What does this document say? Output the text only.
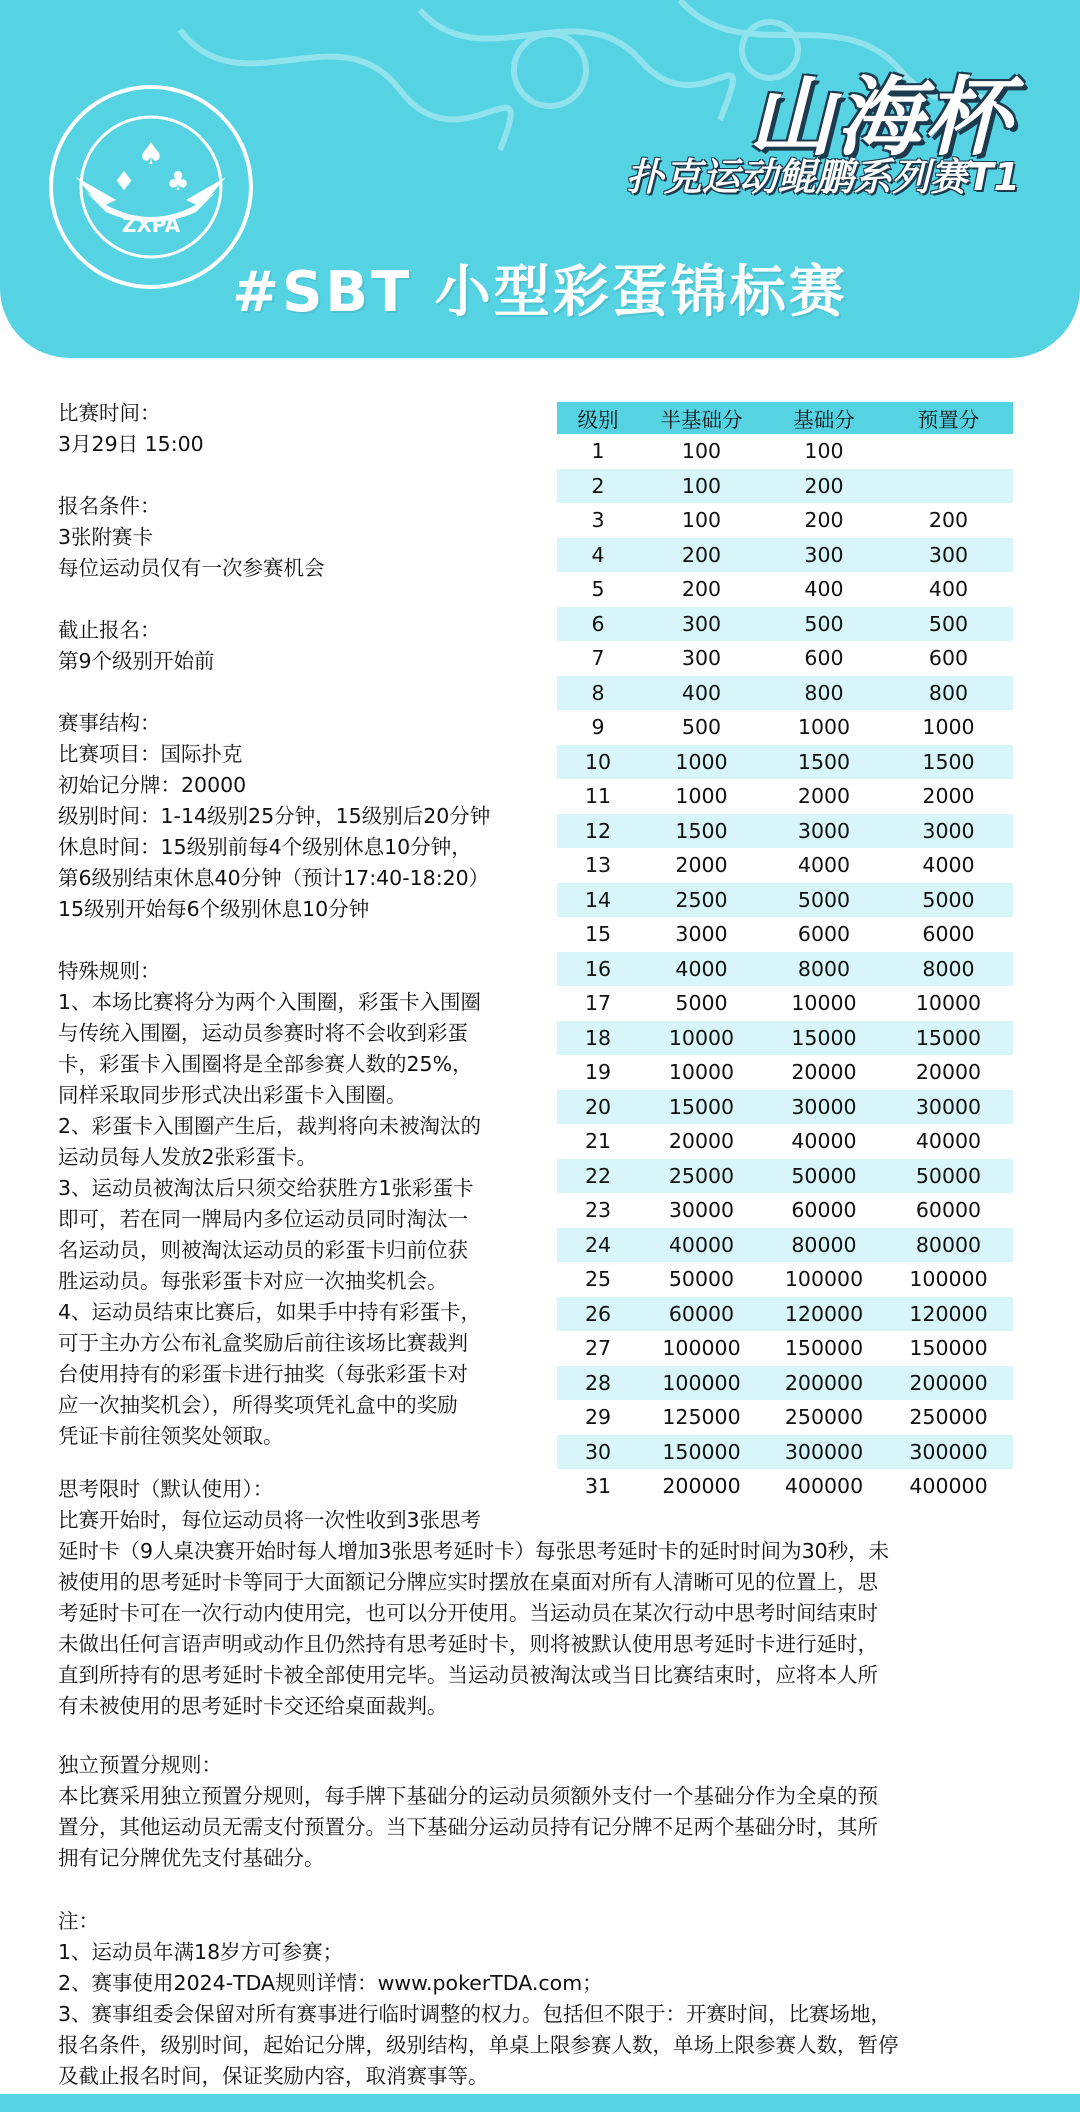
♠
♦ ♣
ZXPA
山海杯
扑克运动鲲鹏系列赛T1
#SBT 小型彩蛋锦标赛

比赛时间：

3月29日 15:00

报名条件：

3张附赛卡
每位运动员仅有一次参赛机会

截止报名：

第9个级别开始前

赛事结构：

比赛项目：国际扑克
初始记分牌：20000
级别时间：1-14级别25分钟，15级别后20分钟
休息时间：15级别前每4个级别休息10分钟，
第6级别结束休息40分钟（预计17:40-18:20）
15级别开始每6个级别休息10分钟

特殊规则：

1、本场比赛将分为两个入围圈，彩蛋卡入围圈
与传统入围圈，运动员参赛时将不会收到彩蛋
卡，彩蛋卡入围圈将是全部参赛人数的25%，
同样采取同步形式决出彩蛋卡入围圈。
2、彩蛋卡入围圈产生后，裁判将向未被淘汰的
运动员每人发放2张彩蛋卡。
3、运动员被淘汰后只须交给获胜方1张彩蛋卡
即可，若在同一牌局内多位运动员同时淘汰一
名运动员，则被淘汰运动员的彩蛋卡归前位获
胜运动员。每张彩蛋卡对应一次抽奖机会。
4、运动员结束比赛后，如果手中持有彩蛋卡，
可于主办方公布礼盒奖励后前往该场比赛裁判
台使用持有的彩蛋卡进行抽奖（每张彩蛋卡对
应一次抽奖机会），所得奖项凭礼盒中的奖励
凭证卡前往领奖处领取。

级别	半基础分	基础分	预置分
1	100	100	
2	100	200	
3	100	200	200
4	200	300	300
5	200	400	400
6	300	500	500
7	300	600	600
8	400	800	800
9	500	1000	1000
10	1000	1500	1500
11	1000	2000	2000
12	1500	3000	3000
13	2000	4000	4000
14	2500	5000	5000
15	3000	6000	6000
16	4000	8000	8000
17	5000	10000	10000
18	10000	15000	15000
19	10000	20000	20000
20	15000	30000	30000
21	20000	40000	40000
22	25000	50000	50000
23	30000	60000	60000
24	40000	80000	80000
25	50000	100000	100000
26	60000	120000	120000
27	100000	150000	150000
28	100000	200000	200000
29	125000	250000	250000
30	150000	300000	300000
31	200000	400000	400000

思考限时（默认使用）：

比赛开始时，每位运动员将一次性收到3张思考
延时卡（9人桌决赛开始时每人增加3张思考延时卡）每张思考延时卡的延时时间为30秒，未
被使用的思考延时卡等同于大面额记分牌应实时摆放在桌面对所有人清晰可见的位置上，思
考延时卡可在一次行动内使用完，也可以分开使用。当运动员在某次行动中思考时间结束时
未做出任何言语声明或动作且仍然持有思考延时卡，则将被默认使用思考延时卡进行延时，
直到所持有的思考延时卡被全部使用完毕。当运动员被淘汰或当日比赛结束时，应将本人所
有未被使用的思考延时卡交还给桌面裁判。

独立预置分规则：

本比赛采用独立预置分规则，每手牌下基础分的运动员须额外支付一个基础分作为全桌的预
置分，其他运动员无需支付预置分。当下基础分运动员持有记分牌不足两个基础分时，其所
拥有记分牌优先支付基础分。

注：

1、运动员年满18岁方可参赛；
2、赛事使用2024-TDA规则详情：www.pokerTDA.com；
3、赛事组委会保留对所有赛事进行临时调整的权力。包括但不限于：开赛时间，比赛场地，
报名条件，级别时间，起始记分牌，级别结构，单桌上限参赛人数，单场上限参赛人数，暂停
及截止报名时间，保证奖励内容，取消赛事等。
